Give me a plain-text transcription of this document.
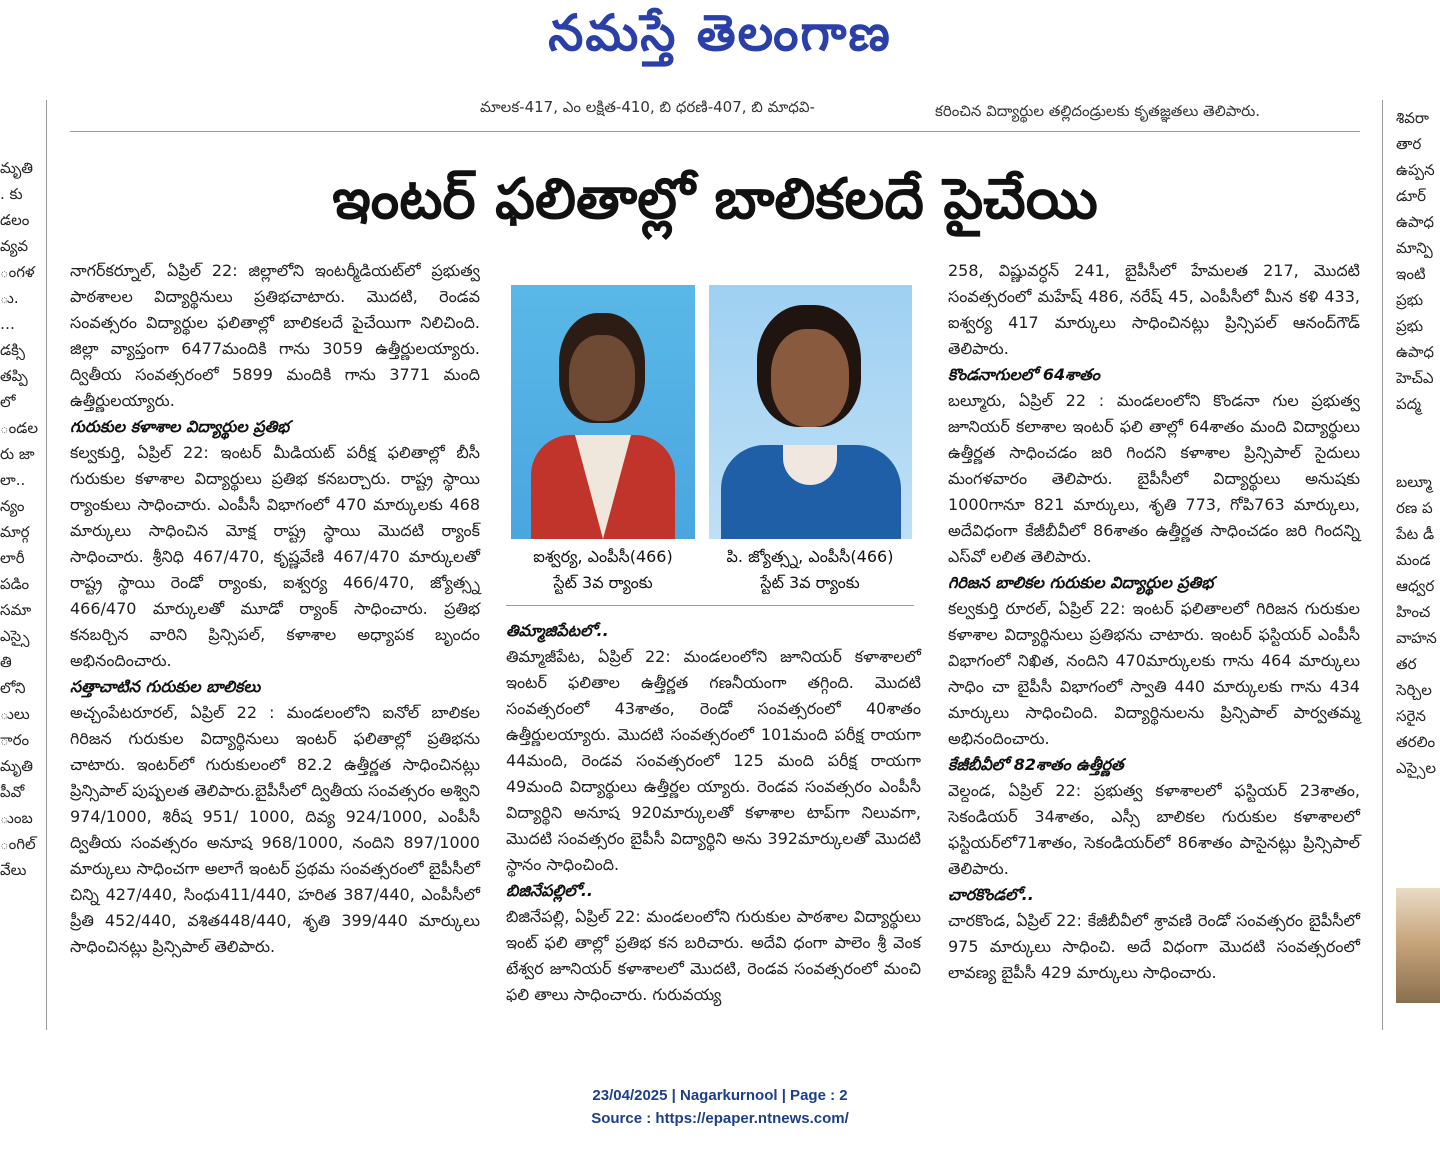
నమస్తే తెలంగాణ
మాలక-417, ఎం లక్షిత-410, బి ధరణి-407, బి మాధవి-	కరించిన విద్యార్థుల తల్లిదండ్రులకు కృతజ్ఞతలు తెలిపారు.
ఇంటర్ ఫలితాల్లో బాలికలదే పైచేయి
మృతి
. కు
డలం
వ్యవ
ంగళ
ు.
…
డక్సి
తప్పి
లో
ండల
రు జా
లా..
న్యం
మార్గ
లారీ
పడిం
సమా
ఎస్సై
తి
లోని
ులు
ారం
మృతి
పీవో
ుంబ
ంగిల్
వేలు
శివరా
తార
ఉప్పన
డూర్
ఉపాధ
మాన్పి
ఇంటి
ప్రభు
ప్రభు
ఉపాధ
హెచ్ఎ
పద్మ
బల్మూ
రణ ప
పేట డీ
మండ
ఆధ్వర
హించ
వాహన
తర
సెర్చిల
సరైన
తరలిం
ఎస్సైల

నాగర్‌కర్నూల్, ఏప్రిల్ 22: జిల్లాలోని ఇంటర్మీడియట్‌లో ప్రభుత్వ పాఠశాలల విద్యార్థినులు ప్రతిభచాటారు. మొదటి, రెండవ సంవత్సరం విద్యార్థుల ఫలితాల్లో బాలికలదే పైచేయిగా నిలిచింది. జిల్లా వ్యాప్తంగా 6477మందికి గాను 3059 ఉత్తీర్ణులయ్యారు. ద్వితీయ సంవత్సరంలో 5899 మందికి గాను 3771 మంది ఉత్తీర్ణులయ్యారు.

గురుకుల కళాశాల విద్యార్థుల ప్రతిభ

కల్వకుర్తి, ఏప్రిల్ 22: ఇంటర్ మీడియట్ పరీక్ష ఫలితాల్లో బీసీ గురుకుల కళాశాల విద్యార్థులు ప్రతిభ కనబర్చారు. రాష్ట్ర స్థాయి ర్యాంకులు సాధించారు. ఎంపీసీ విభాగంలో 470 మార్కులకు 468 మార్కులు సాధించిన మోక్ష రాష్ట్ర స్థాయి మొదటి ర్యాంక్ సాధించారు. శ్రీనిధి 467/470, కృష్ణవేణి 467/470 మార్కులతో రాష్ట్ర స్థాయి రెండో ర్యాంకు, ఐశ్వర్య 466/470, జ్యోత్స్న 466/470 మార్కులతో మూడో ర్యాంక్ సాధించారు. ప్రతిభ కనబర్చిన వారిని ప్రిన్సిపల్, కళాశాల అధ్యాపక బృందం అభినందించారు.

సత్తాచాటిన గురుకుల బాలికలు

అచ్చంపేటరూరల్, ఏప్రిల్ 22 : మండలంలోని ఐనోల్ బాలికల గిరిజన గురుకుల విద్యార్థినులు ఇంటర్ ఫలితాల్లో ప్రతిభను చాటారు. ఇంటర్‌లో గురుకులంలో 82.2 ఉత్తీర్ణత సాధించినట్లు ప్రిన్సిపాల్ పుష్పలత తెలిపారు.బైపీసీలో ద్వితీయ సంవత్సరం అశ్విని 974/1000, శిరీష 951/ 1000, దివ్య 924/1000, ఎంపీసీ ద్వితీయ సంవత్సరం అనూష 968/1000, నందిని 897/1000 మార్కులు సాధించగా అలాగే ఇంటర్ ప్రథమ సంవత్సరంలో బైపీసీలో చిన్ని 427/440, సింధు411/440, హరిత 387/440, ఎంపీసీలో ప్రీతి 452/440, వశిత448/440, శృతి 399/440 మార్కులు సాధించినట్లు ప్రిన్సిపాల్ తెలిపారు.

ఐశ్వర్య, ఎంపీసీ(466)
స్టేట్ 3వ ర్యాంకు
పి. జ్యోత్స్న, ఎంపీసీ(466)
స్టేట్ 3వ ర్యాంకు
తిమ్మాజిపేటలో..

తిమ్మాజీపేట, ఏప్రిల్ 22: మండలంలోని జూనియర్ కళాశాలలో ఇంటర్ ఫలితాల ఉత్తీర్ణత గణనీయంగా తగ్గింది. మొదటి సంవత్సరంలో 43శాతం, రెండో సంవత్సరంలో 40శాతం ఉత్తీర్ణులయ్యారు. మొదటి సంవత్సరంలో 101మంది పరీక్ష రాయగా 44మంది, రెండవ సంవత్సరంలో 125 మంది పరీక్ష రాయగా 49మంది విద్యార్థులు ఉత్తీర్ణల య్యారు. రెండవ సంవత్సరం ఎంపీసీ విద్యార్థిని అనూష 920మార్కులతో కళాశాల టాప్‌గా నిలువగా, మొదటి సంవత్సరం బైపీసీ విద్యార్థిని అను 392మార్కులతో మొదటి స్థానం సాధించింది.

బిజినేపల్లిలో..

బిజినేపల్లి, ఏప్రిల్ 22: మండలంలోని గురుకుల పాఠశాల విద్యార్థులు ఇంట్ ఫలి తాల్లో ప్రతిభ కన బరిచారు. అదేవి ధంగా పాలెం శ్రీ వెంక టేశ్వర జూనియర్ కళాశాలలో మొదటి, రెండవ సంవత్సరంలో మంచి ఫలి తాలు సాధించారు. గురువయ్య

258, విష్ణువర్ధన్ 241, బైపీసీలో హేమలత 217, మొదటి సంవత్సరంలో మహేష్ 486, నరేష్ 45, ఎంపీసీలో మీన కళి 433, ఐశ్వర్య 417 మార్కులు సాధించినట్లు ప్రిన్సిపల్ ఆనంద్‌గౌడ్ తెలిపారు.

కొండనాగులలో 64శాతం

బల్మూరు, ఏప్రిల్ 22 : మండలంలోని కొండనా గుల ప్రభుత్వ జూనియర్ కలాశాల ఇంటర్ ఫలి తాల్లో 64శాతం మంది విద్యార్థులు ఉత్తీర్ణత సాధించడం జరి గిందని కళాశాల ప్రిన్సిపాల్ సైదులు మంగళవారం తెలిపారు. బైపీసీలో విద్యార్థులు అనుషకు 1000గానూ 821 మార్కులు, శృతి 773, గోపి763 మార్కులు, అదేవిధంగా కేజీబీవీలో 86శాతం ఉత్తీర్ణత సాధించడం జరి గిందన్ని ఎస్‌వో లలిత తెలిపారు.

గిరిజన బాలికల గురుకుల విద్యార్థుల ప్రతిభ

కల్వకుర్తి రూరల్, ఏప్రిల్ 22: ఇంటర్ ఫలితాలలో గిరిజన గురుకుల కళాశాల విద్యార్థినులు ప్రతిభను చాటారు. ఇంటర్ ఫస్టియర్ ఎంపీసీ విభాగంలో నిఖిత, నందిని 470మార్కులకు గాను 464 మార్కులు సాధిం చా బైపీసీ విభాగంలో స్వాతి 440 మార్కులకు గాను 434 మార్కులు సాధించింది. విద్యార్థినులను ప్రిన్సిపాల్ పార్వతమ్మ అభినందించారు.

కేజీబీవీలో 82శాతం ఉత్తీర్ణత

వెల్దండ, ఏప్రిల్ 22: ప్రభుత్వ కళాశాలలో ఫస్టియర్ 23శాతం, సెకండియర్ 34శాతం, ఎస్సీ బాలికల గురుకుల కళాశాలలో ఫస్టియర్‌లో71శాతం, సెకండియర్‌లో 86శాతం పాసైనట్లు ప్రిన్సిపాల్ తెలిపారు.

చారకొండలో..

చారకొండ, ఏప్రిల్ 22: కేజీబీవీలో శ్రావణి రెండో సంవత్సరం బైపీసీలో 975 మార్కులు సాధించి. అదే విధంగా మొదటి సంవత్సరంలో లావణ్య బైపీసీ 429 మార్కులు సాధించారు.

23/04/2025 | Nagarkurnool | Page : 2
Source : https://epaper.ntnews.com/
